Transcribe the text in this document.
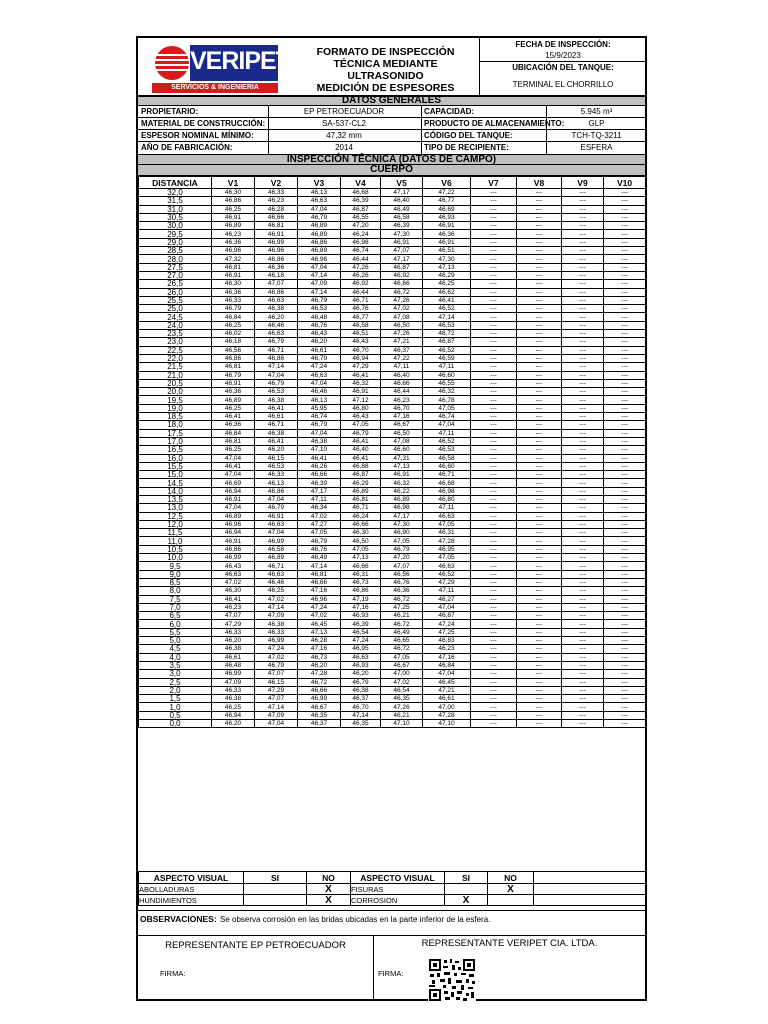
VERIPET
SERVICIOS & INGENIERIA
FORMATO DE INSPECCIÓN
TÉCNICA MEDIANTE ULTRASONIDO
MEDICIÓN DE ESPESORES
FECHA DE INSPECCIÓN:
15/9/2023
UBICACIÓN DEL TANQUE:
TERMINAL EL CHORRILLO
DATOS GENERALES
PROPIETARIO:	EP PETROECUADOR	CAPACIDAD:	5.945 m³
MATERIAL DE CONSTRUCCIÓN:	SA-537-CL2	PRODUCTO DE ALMACENAMIENTO:	GLP
ESPESOR NOMINAL MÍNIMO:	47,32 mm	CÓDIGO DEL TANQUE:	TCH-TQ-3211
AÑO DE FABRICACIÓN:	2014	TIPO DE RECIPIENTE:	ESFERA
INSPECCIÓN TÉCNICA (DATOS DE CAMPO)
CUERPO
DISTANCIA	V1	V2	V3	V4	V5	V6	V7	V8	V9	V10
32,0	46,30	46,33	46,13	46,68	47,17	47,22	---	---	---	---
31,5	46,86	46,23	46,63	46,39	46,40	46,77	---	---	---	---
31,0	46,25	46,28	47,04	46,87	46,49	46,69	---	---	---	---
30,5	46,91	46,66	46,79	46,55	46,58	46,93	---	---	---	---
30,0	46,89	46,81	46,89	47,20	46,39	46,91	---	---	---	---
29,5	46,23	46,91	46,89	46,24	47,30	46,36	---	---	---	---
29,0	46,36	46,99	46,86	46,98	46,91	46,91	---	---	---	---
28,5	46,96	46,96	46,89	46,74	47,07	46,51	---	---	---	---
28,0	47,32	46,86	46,96	46,44	47,17	47,30	---	---	---	---
27,5	46,81	46,36	47,04	47,26	46,87	47,13	---	---	---	---
27,0	46,91	46,18	47,14	46,26	46,92	46,29	---	---	---	---
26,5	46,30	47,07	47,09	46,92	46,66	46,25	---	---	---	---
26,0	46,36	46,86	47,14	46,44	46,72	46,62	---	---	---	---
25,5	46,33	46,63	46,79	46,71	47,26	46,41	---	---	---	---
25,0	46,79	46,38	46,53	46,76	47,02	46,52	---	---	---	---
24,5	46,84	46,20	46,48	46,77	47,08	47,14	---	---	---	---
24,0	46,25	46,46	46,76	46,58	46,50	46,53	---	---	---	---
23,5	46,02	46,63	46,43	46,51	47,26	46,72	---	---	---	---
23,0	46,18	46,79	46,20	46,43	47,21	46,87	---	---	---	---
22,5	46,56	46,71	46,61	46,70	46,37	46,52	---	---	---	---
22,0	46,86	46,86	46,79	46,94	47,22	46,59	---	---	---	---
21,5	46,81	47,14	47,24	47,29	47,11	47,11	---	---	---	---
21,0	46,79	47,04	46,63	46,41	46,40	46,60	---	---	---	---
20,5	46,91	46,79	47,04	46,32	46,66	46,55	---	---	---	---
20,0	46,36	46,53	46,46	46,91	46,44	46,32	---	---	---	---
19,5	46,89	46,38	46,13	47,12	46,23	46,78	---	---	---	---
19,0	46,25	46,41	45,95	46,80	46,70	47,05	---	---	---	---
18,5	46,41	46,61	46,74	46,43	47,16	46,74	---	---	---	---
18,0	46,36	46,71	46,79	47,05	46,67	47,04	---	---	---	---
17,5	46,84	46,38	47,04	46,79	46,50	47,11	---	---	---	---
17,0	46,81	46,41	46,38	46,41	47,08	46,52	---	---	---	---
16,5	46,25	46,20	47,10	46,40	46,60	46,53	---	---	---	---
16,0	47,04	46,15	46,41	46,41	47,31	46,58	---	---	---	---
15,5	46,41	46,53	46,26	46,88	47,13	46,60	---	---	---	---
15,0	47,04	46,33	46,66	46,87	46,91	46,71	---	---	---	---
14,5	46,69	46,13	46,39	46,29	46,32	46,68	---	---	---	---
14,0	46,94	46,86	47,17	46,89	46,22	46,98	---	---	---	---
13,5	46,91	47,04	47,11	46,81	46,89	46,80	---	---	---	---
13,0	47,04	46,79	46,34	46,71	46,98	47,11	---	---	---	---
12,5	46,89	46,91	47,02	46,24	47,17	46,63	---	---	---	---
12,0	46,96	46,63	47,27	46,66	47,30	47,05	---	---	---	---
11,5	46,94	47,04	47,05	46,30	46,90	46,31	---	---	---	---
11,0	46,91	46,99	46,79	46,50	47,05	47,28	---	---	---	---
10,5	46,86	46,58	46,76	47,05	46,79	46,95	---	---	---	---
10,0	46,99	46,89	46,49	47,13	47,20	47,05	---	---	---	---
9,5	46,43	46,71	47,14	46,66	47,07	46,63	---	---	---	---
9,0	46,63	46,63	46,81	46,31	46,56	46,52	---	---	---	---
8,5	47,02	46,46	46,66	46,73	46,76	47,29	---	---	---	---
8,0	46,30	46,25	47,16	46,86	46,36	47,11	---	---	---	---
7,5	46,41	47,02	46,96	47,19	46,72	46,27	---	---	---	---
7,0	46,23	47,14	47,24	47,16	47,25	47,04	---	---	---	---
6,5	47,07	47,09	47,02	46,93	46,21	46,87	---	---	---	---
6,0	47,29	46,38	46,45	46,39	46,72	47,24	---	---	---	---
5,5	46,33	46,33	47,13	46,54	46,49	47,25	---	---	---	---
5,0	46,20	46,99	46,28	47,24	46,65	46,83	---	---	---	---
4,5	46,38	47,24	47,16	46,95	46,72	46,23	---	---	---	---
4,0	46,61	47,02	46,73	46,63	47,05	47,16	---	---	---	---
3,5	46,48	46,79	46,20	46,93	46,67	46,84	---	---	---	---
3,0	46,99	47,07	47,28	46,20	47,00	47,04	---	---	---	---
2,5	47,09	46,15	46,72	46,79	47,02	46,45	---	---	---	---
2,0	46,33	47,29	46,66	46,38	46,54	47,21	---	---	---	---
1,5	46,38	47,07	46,99	46,37	46,35	46,61	---	---	---	---
1,0	46,25	47,14	46,67	46,70	47,26	47,00	---	---	---	---
0,5	46,94	47,09	46,35	47,14	46,21	47,28	---	---	---	---
0,0	46,20	47,04	46,37	46,35	47,10	47,10	---	---	---	---
ASPECTO VISUAL	SI	NO	ASPECTO VISUAL	SI	NO	
ABOLLADURAS		X	FISURAS		X	
HUNDIMIENTOS		X	CORROSION	X		
OBSERVACIONES: Se observa corrosión en las bridas ubicadas en la parte inferior de la esfera.
REPRESENTANTE EP PETROECUADOR	REPRESENTANTE VERIPET CIA. LTDA.
FIRMA:	FIRMA:
